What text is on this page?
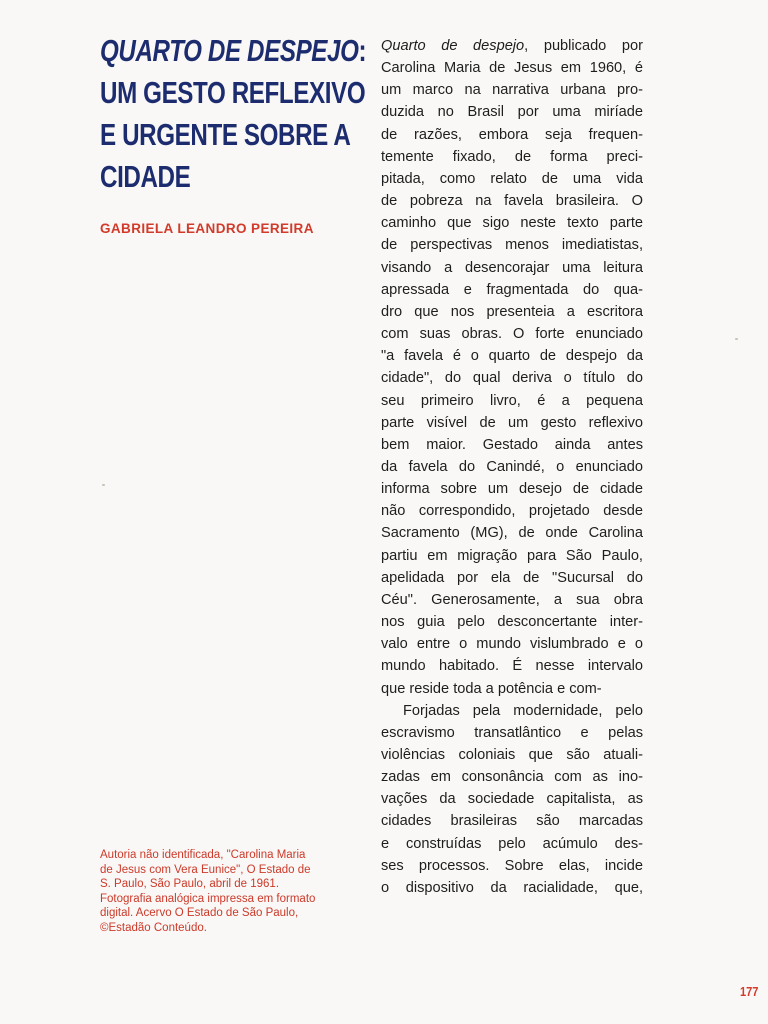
QUARTO DE DESPEJO:
UM GESTO REFLEXIVO
E URGENTE SOBRE A
CIDADE
GABRIELA LEANDRO PEREIRA

Autoria não identificada, "Carolina Maria
de Jesus com Vera Eunice", O Estado de
S. Paulo, São Paulo, abril de 1961.
Fotografia analógica impressa em formato
digital. Acervo O Estado de São Paulo,
©Estadão Conteúdo.

Quarto de despejo, publicado por
Carolina Maria de Jesus em 1960, é
um marco na narrativa urbana pro-
duzida no Brasil por uma miríade
de razões, embora seja frequen-
temente fixado, de forma preci-
pitada, como relato de uma vida
de pobreza na favela brasileira. O
caminho que sigo neste texto parte
de perspectivas menos imediatistas,
visando a desencorajar uma leitura
apressada e fragmentada do qua-
dro que nos presenteia a escritora
com suas obras. O forte enunciado
"a favela é o quarto de despejo da
cidade", do qual deriva o título do
seu primeiro livro, é a pequena
parte visível de um gesto reflexivo
bem maior. Gestado ainda antes
da favela do Canindé, o enunciado
informa sobre um desejo de cidade
não correspondido, projetado desde
Sacramento (MG), de onde Carolina
partiu em migração para São Paulo,
apelidada por ela de "Sucursal do
Céu". Generosamente, a sua obra
nos guia pelo desconcertante inter-
valo entre o mundo vislumbrado e o
mundo habitado. É nesse intervalo
que reside toda a potência e com-
Forjadas pela modernidade, pelo
escravismo transatlântico e pelas
violências coloniais que são atuali-
zadas em consonância com as ino-
vações da sociedade capitalista, as
cidades brasileiras são marcadas
e construídas pelo acúmulo des-
ses processos. Sobre elas, incide
o dispositivo da racialidade, que,
177
